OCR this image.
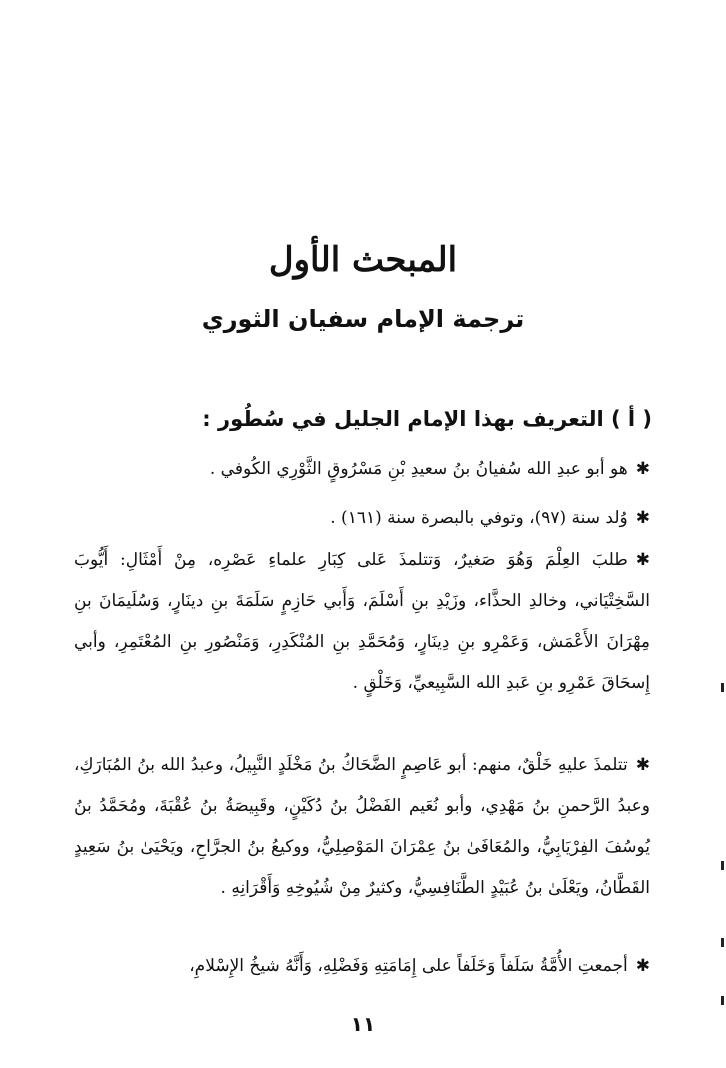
المبحث الأول
ترجمة الإمام سفيان الثوري
( أ ) التعريف بهذا الإمام الجليل في سُطُور :
✱هو أبو عبدِ الله سُفيانُ بنُ سعيدِ بْنِ مَسْرُوقٍ الثَّوْرِي الكُوفي .
✱وُلد سنة (٩٧)، وتوفي بالبصرة سنة (١٦١) .
✱طلبَ العِلْمَ وَهُوَ صَغيرٌ، وَتتلمذَ عَلى كِبَارِ علماءِ عَصْرِه، مِنْ أَمْثَالِ: أَيُّوبَ السَّخِتْيَاني، وخالدِ الحذَّاء، وزَيْدِ بنِ أَسْلَمَ، وَأَبي حَازِمٍ سَلَمَةَ بنِ دينَارٍ، وَسُلَيمَانَ بنِ مِهْرَانَ الأَعْمَش، وَعَمْرِو بنِ دِينَارٍ، وَمُحَمَّدِ بنِ المُنْكَدِرِ، وَمَنْصُورِ بنِ المُعْتَمِرِ، وأبي إِسحَاقَ عَمْرِو بنِ عَبدِ الله السَّبِيعيِّ، وَخَلْقٍ .
✱تتلمذَ عليهِ خَلْقٌ، منهم: أبو عَاصِمٍ الضَّحَاكُ بنُ مَخْلَدٍ النَّبِيلُ، وعبدُ الله بنُ المُبَارَكِ، وعبدُ الرَّحمنِ بنُ مَهْدِي، وأبو نُعَيم الفَضْلُ بنُ دُكَيْنٍ، وقَبِيصَةُ بنُ عُقْبَةَ، ومُحَمَّدُ بنُ يُوسُفَ الفِرْيَابِيُّ، والمُعَافَىٰ بنُ عِمْرَانَ المَوْصِلِيُّ، ووكيعُ بنُ الجرَّاحِ، ويَحْيَىٰ بنُ سَعِيدٍ القَطَّانُ، ويَعْلَىٰ بنُ عُبَيْدٍ الطَّنَافِسِيُّ، وكثيرٌ مِنْ شُيُوخِهِ وَأَقْرَانِهِ .
✱أجمعتِ الأُمَّةُ سَلَفاً وَخَلَفاً على إِمَامَتِهِ وَفَضْلِهِ، وَأَنَّهُ شيخُ الإِسْلامِ،
١١
